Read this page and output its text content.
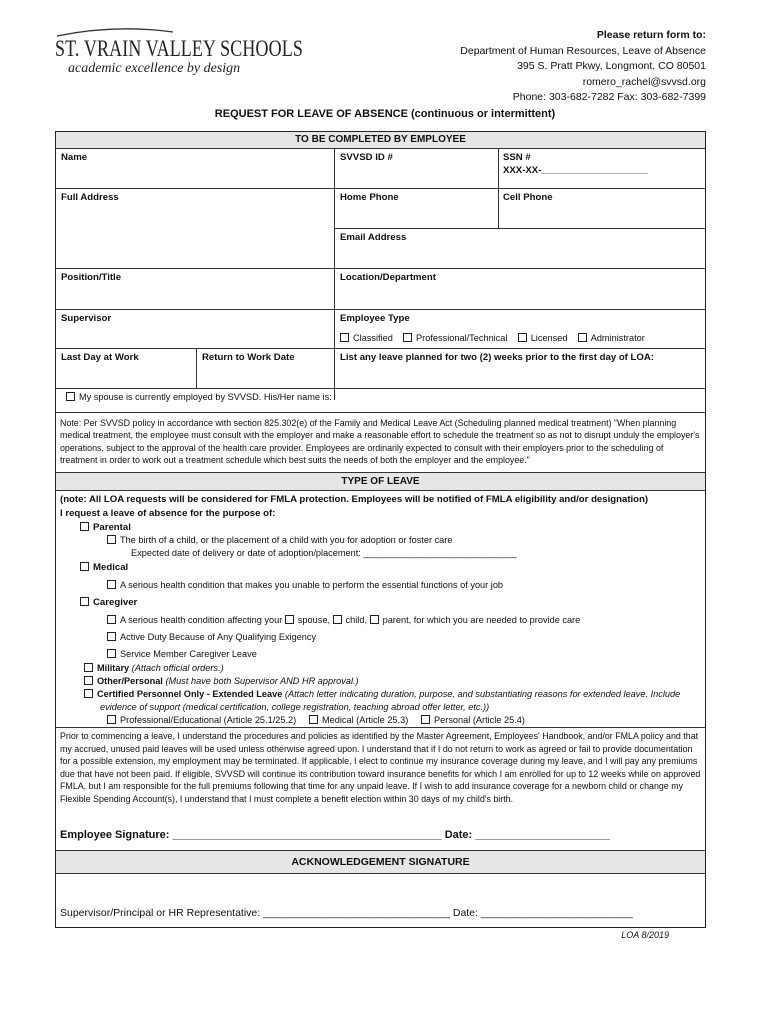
ST. VRAIN VALLEY SCHOOLS
academic excellence by design
Please return form to:
Department of Human Resources, Leave of Absence
395 S. Pratt Pkwy, Longmont, CO 80501
romero_rachel@svvsd.org
Phone: 303-682-7282 Fax: 303-682-7399
REQUEST FOR LEAVE OF ABSENCE (continuous or intermittent)
TO BE COMPLETED BY EMPLOYEE
Name	SVVSD ID #	SSN #
XXX-XX-____________________
Full Address	Home Phone	Cell Phone
Email Address
Position/Title	Location/Department
Supervisor	Employee Type
Classified	Professional/Technical	Licensed	Administrator
Last Day at Work	Return to Work Date	List any leave planned for two (2) weeks prior to the first day of LOA:
My spouse is currently employed by SVVSD. His/Her name is:
Note: Per SVVSD policy in accordance with section 825.302(e) of the Family and Medical Leave Act (Scheduling planned medical treatment) “When planning medical treatment, the employee must consult with the employer and make a reasonable effort to schedule the treatment so as not to disrupt unduly the employer's operations, subject to the approval of the health care provider. Employees are ordinarily expected to consult with their employers prior to the scheduling of treatment in order to work out a treatment schedule which best suits the needs of both the employer and the employee.”
TYPE OF LEAVE
(note: All LOA requests will be considered for FMLA protection. Employees will be notified of FMLA eligibility and/or designation)
I request a leave of absence for the purpose of:
Parental
The birth of a child, or the placement of a child with you for adoption or foster care
Expected date of delivery or date of adoption/placement: ______________________________
Medical
A serious health condition that makes you unable to perform the essential functions of your job
Caregiver
A serious health condition affecting your spouse, child, parent, for which you are needed to provide care
Active Duty Because of Any Qualifying Exigency
Service Member Caregiver Leave
Military (Attach official orders.)
Other/Personal (Must have both Supervisor AND HR approval.)
Certified Personnel Only - Extended Leave (Attach letter indicating duration, purpose, and substantiating reasons for extended leave. Include
evidence of support (medical certification, college registration, teaching abroad offer letter, etc.))
Professional/Educational (Article 25.1/25.2)	Medical (Article 25.3)	Personal (Article 25.4)
Prior to commencing a leave, I understand the procedures and policies as identified by the Master Agreement, Employees' Handbook, and/or FMLA policy and that my accrued, unused paid leaves will be used unless otherwise agreed upon. I understand that if I do not return to work as agreed or fail to provide documentation for a possible extension, my employment may be terminated. If applicable, I elect to continue my insurance coverage during my leave, and I will pay any premiums due that have not been paid. If eligible, SVVSD will continue its contribution toward insurance benefits for which I am enrolled for up to 12 weeks while on approved FMLA, but I am responsible for the full premiums following that time for any unpaid leave. If I wish to add insurance coverage for a newborn child or change my Flexible Spending Account(s), I understand that I must complete a benefit election within 30 days of my child's birth.
Employee Signature: ____________________________________________ Date: ______________________
ACKNOWLEDGEMENT SIGNATURE
Supervisor/Principal or HR Representative: ________________________________ Date: __________________________
LOA 8/2019
